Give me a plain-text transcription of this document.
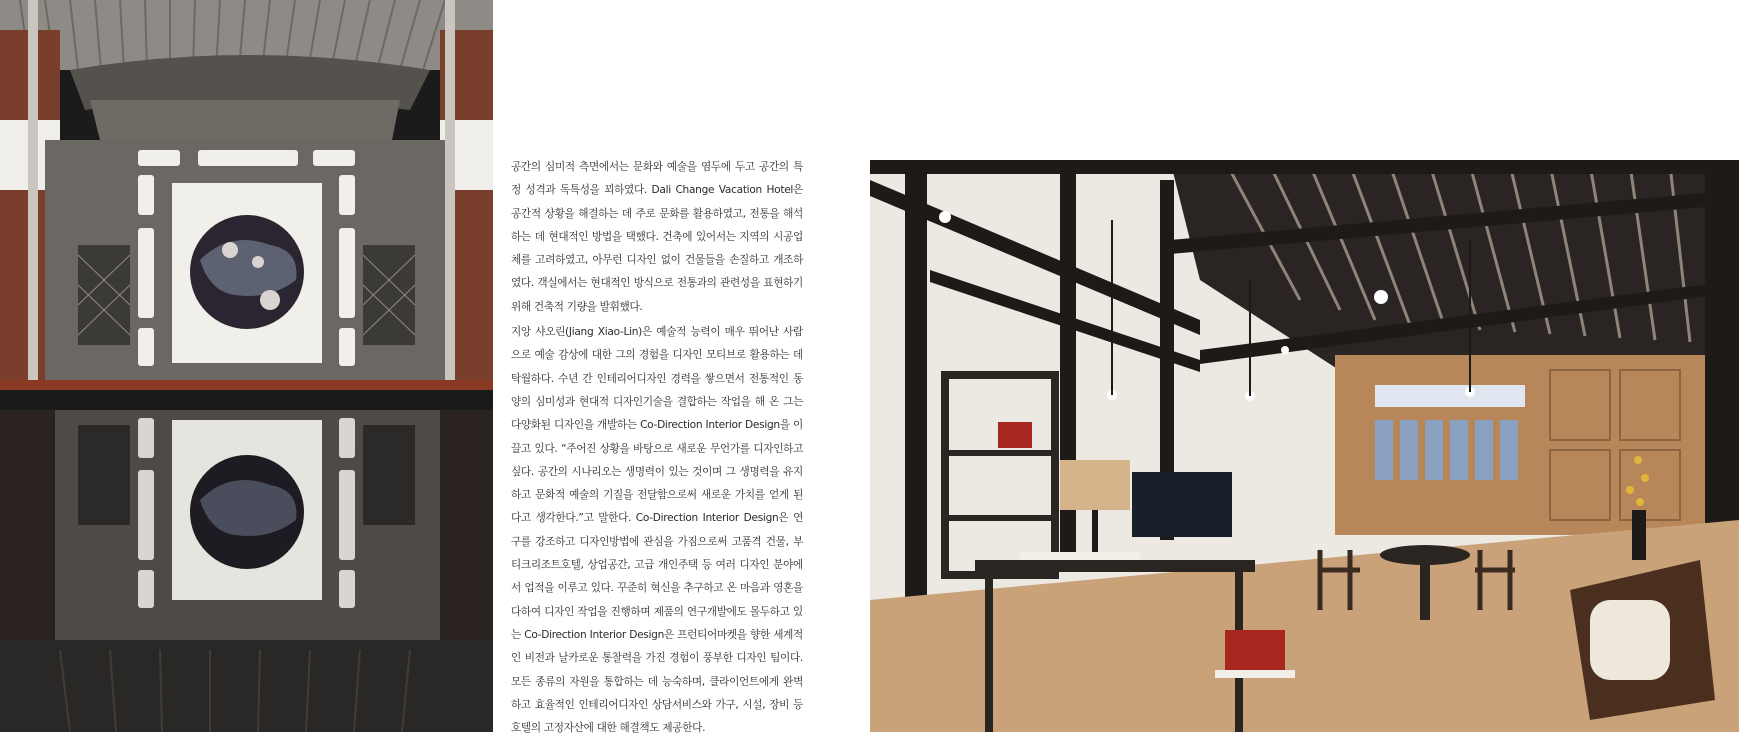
공간의 심미적 측면에서는 문화와 예술을 염두에 두고 공간의 특정 성격과 독특성을 꾀하였다. Dali Change Vacation Hotel은 공간적 상황을 해결하는 데 주로 문화를 활용하였고, 전통을 해석하는 데 현대적인 방법을 택했다. 건축에 있어서는 지역의 시공업체를 고려하였고, 아무런 디자인 없이 건물들을 손질하고 개조하였다. 객실에서는 현대적인 방식으로 전통과의 관련성을 표현하기 위해 건축적 기량을 발휘했다.

지앙 샤오린(Jiang Xiao-Lin)은 예술적 능력이 매우 뛰어난 사람으로 예술 감상에 대한 그의 경험을 디자인 모티브로 활용하는 데 탁월하다. 수년 간 인테리어디자인 경력을 쌓으면서 전통적인 동양의 심미성과 현대적 디자인기술을 결합하는 작업을 해 온 그는 다양화된 디자인을 개발하는 Co-Direction Interior Design을 이끌고 있다. “주어진 상황을 바탕으로 새로운 무언가를 디자인하고 싶다. 공간의 시나리오는 생명력이 있는 것이며 그 생명력을 유지하고 문화적 예술의 기질을 전달함으로써 새로운 가치를 얻게 된다고 생각한다.”고 말한다. Co-Direction Interior Design은 연구를 강조하고 디자인방법에 관심을 가짐으로써 고품격 건물, 부티크리조트호텔, 상업공간, 고급 개인주택 등 여러 디자인 분야에서 업적을 이루고 있다. 꾸준히 혁신을 추구하고 온 마음과 영혼을 다하여 디자인 작업을 진행하며 제품의 연구개발에도 몰두하고 있는 Co-Direction Interior Design은 프런티어마켓을 향한 세계적인 비전과 날카로운 통찰력을 가진 경험이 풍부한 디자인 팀이다. 모든 종류의 자원을 통합하는 데 능숙하며, 클라이언트에게 완벽하고 효율적인 인테리어디자인 상담서비스와 가구, 시설, 장비 등 호텔의 고정자산에 대한 해결책도 제공한다.
